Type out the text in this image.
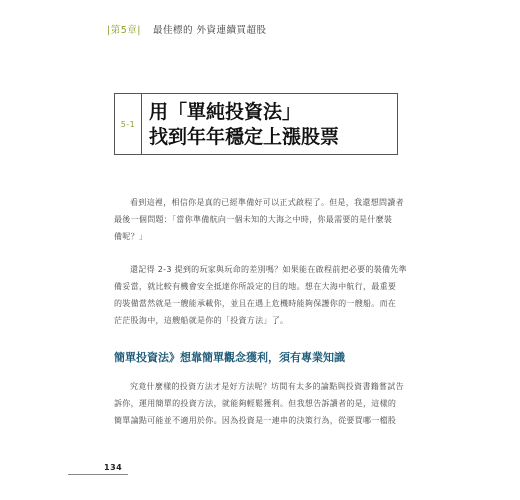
|第5章| 最佳標的 外資連續買超股
5-1
用「單純投資法」
找到年年穩定上漲股票
看到這裡，相信你是真的已經準備好可以正式啟程了。但是，我還想問讀者
最後一個問題：「當你準備航向一個未知的大海之中時，你最需要的是什麼裝
備呢？」
還記得 2-3 提到的玩家與玩命的差別嗎？如果能在啟程前把必要的裝備先準
備妥當，就比較有機會安全抵達你所設定的目的地。想在大海中航行，最重要
的裝備當然就是一艘能承載你，並且在遇上危機時能夠保護你的一艘船。而在
茫茫股海中，這艘船就是你的「投資方法」了。
簡單投資法》想靠簡單觀念獲利，須有專業知識
究竟什麼樣的投資方法才是好方法呢？坊間有太多的論點與投資書籍嘗試告
訴你，運用簡單的投資方法，就能夠輕鬆獲利。但我想告訴讀者的是，這樣的
簡單論點可能並不適用於你。因為投資是一連串的決策行為，從要買哪一檔股
134
